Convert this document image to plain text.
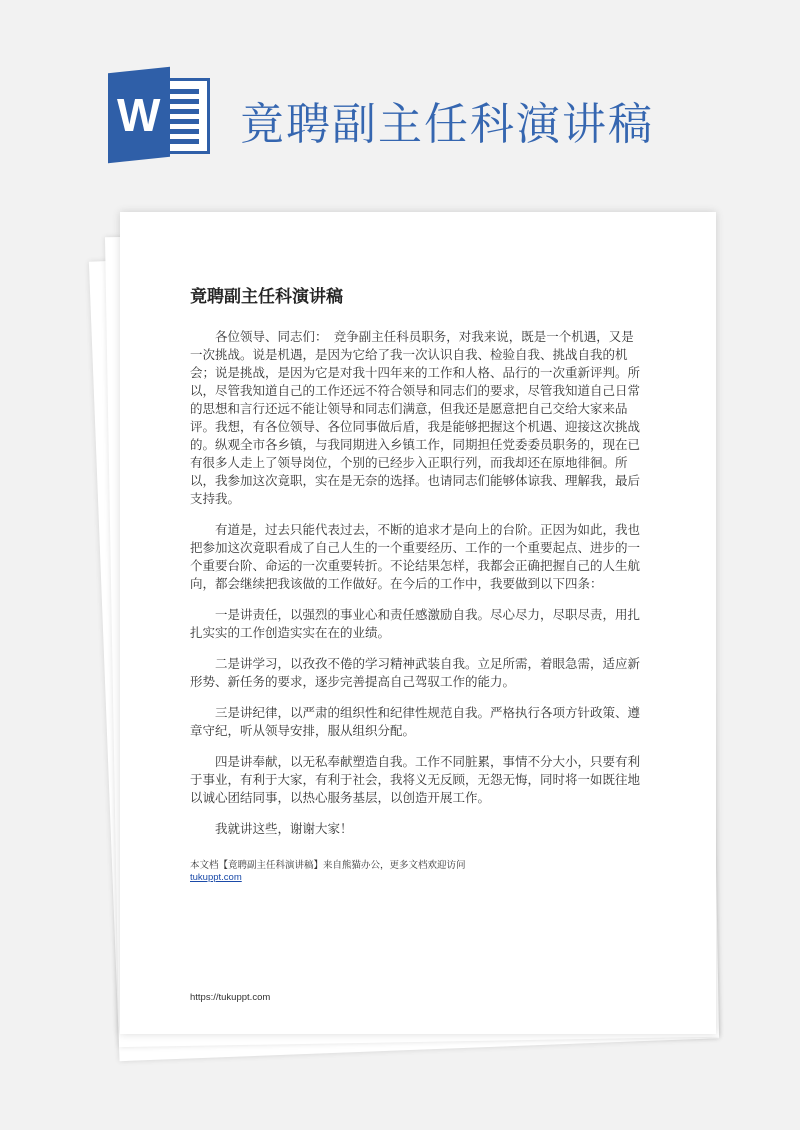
W 竟聘副主任科演讲稿
竟聘副主任科演讲稿

各位领导、同志们：　竞争副主任科员职务，对我来说，既是一个机遇，又是一次挑战。说是机遇，是因为它给了我一次认识自我、检验自我、挑战自我的机会；说是挑战，是因为它是对我十四年来的工作和人格、品行的一次重新评判。所以，尽管我知道自己的工作还远不符合领导和同志们的要求，尽管我知道自己日常的思想和言行还远不能让领导和同志们满意，但我还是愿意把自己交给大家来品评。我想，有各位领导、各位同事做后盾，我是能够把握这个机遇、迎接这次挑战的。纵观全市各乡镇，与我同期进入乡镇工作，同期担任党委委员职务的，现在已有很多人走上了领导岗位，个别的已经步入正职行列，而我却还在原地徘徊。所以，我参加这次竟职，实在是无奈的选择。也请同志们能够体谅我、理解我，最后支持我。

有道是，过去只能代表过去，不断的追求才是向上的台阶。正因为如此，我也把参加这次竟职看成了自己人生的一个重要经历、工作的一个重要起点、进步的一个重要台阶、命运的一次重要转折。不论结果怎样，我都会正确把握自己的人生航向，都会继续把我该做的工作做好。在今后的工作中，我要做到以下四条：

一是讲责任，以强烈的事业心和责任感激励自我。尽心尽力，尽职尽责，用扎扎实实的工作创造实实在在的业绩。

二是讲学习，以孜孜不倦的学习精神武装自我。立足所需，着眼急需，适应新形势、新任务的要求，逐步完善提高自己驾驭工作的能力。

三是讲纪律，以严肃的组织性和纪律性规范自我。严格执行各项方针政策、遵章守纪，听从领导安排，服从组织分配。

四是讲奉献，以无私奉献塑造自我。工作不同脏累，事情不分大小，只要有利于事业，有利于大家，有利于社会，我将义无反顾，无怨无悔，同时将一如既往地以诚心团结同事，以热心服务基层，以创造开展工作。

我就讲这些，谢谢大家！

本文档【竟聘副主任科演讲稿】来自熊猫办公，更多文档欢迎访问
tukuppt.com
https://tukuppt.com
